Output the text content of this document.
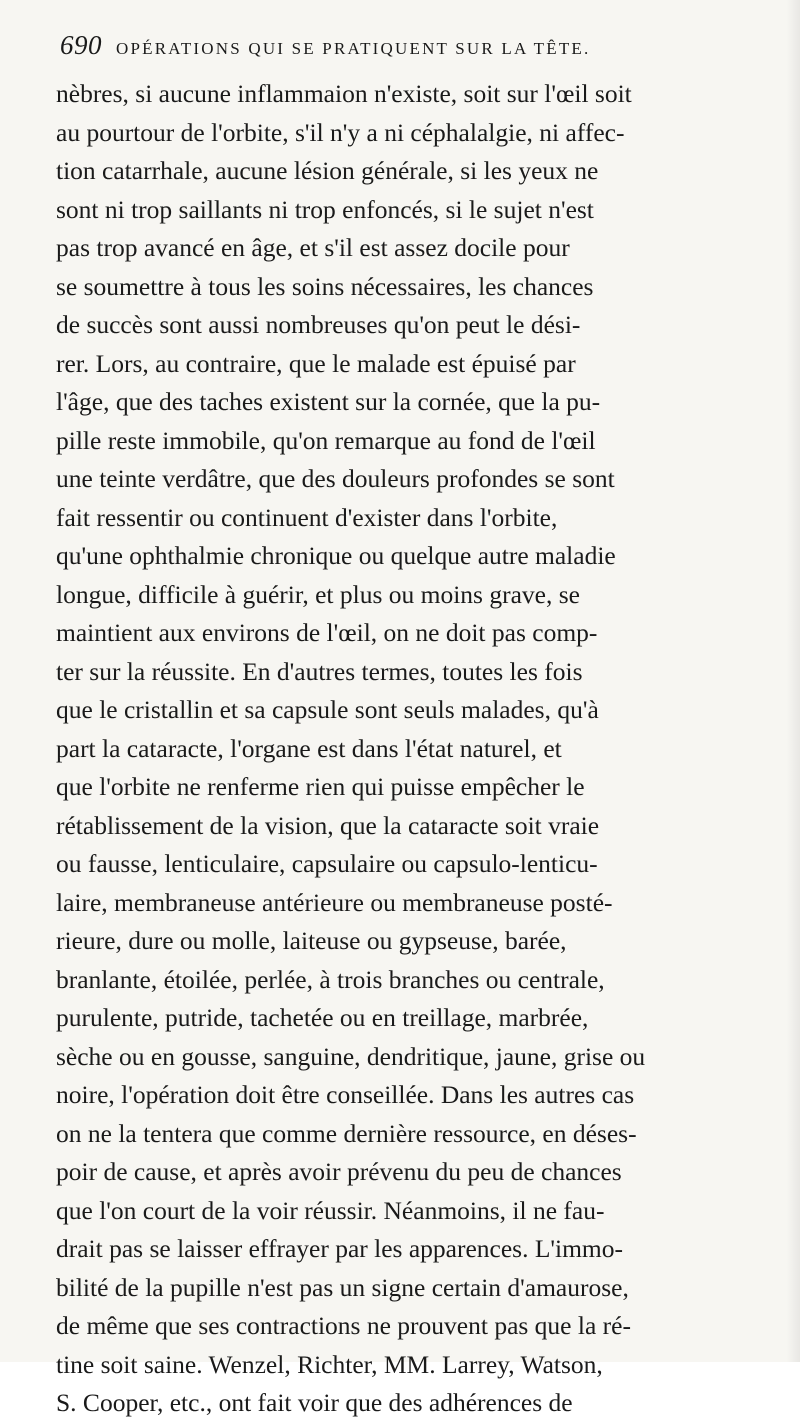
690 OPÉRATIONS QUI SE PRATIQUENT SUR LA TÊTE.
nèbres, si aucune inflammaion n'existe, soit sur l'œil soit
au pourtour de l'orbite, s'il n'y a ni céphalalgie, ni affec-
tion catarrhale, aucune lésion générale, si les yeux ne
sont ni trop saillants ni trop enfoncés, si le sujet n'est
pas trop avancé en âge, et s'il est assez docile pour
se soumettre à tous les soins nécessaires, les chances
de succès sont aussi nombreuses qu'on peut le dési-
rer. Lors, au contraire, que le malade est épuisé par
l'âge, que des taches existent sur la cornée, que la pu-
pille reste immobile, qu'on remarque au fond de l'œil
une teinte verdâtre, que des douleurs profondes se sont
fait ressentir ou continuent d'exister dans l'orbite,
qu'une ophthalmie chronique ou quelque autre maladie
longue, difficile à guérir, et plus ou moins grave, se
maintient aux environs de l'œil, on ne doit pas comp-
ter sur la réussite. En d'autres termes, toutes les fois
que le cristallin et sa capsule sont seuls malades, qu'à
part la cataracte, l'organe est dans l'état naturel, et
que l'orbite ne renferme rien qui puisse empêcher le
rétablissement de la vision, que la cataracte soit vraie
ou fausse, lenticulaire, capsulaire ou capsulo-lenticu-
laire, membraneuse antérieure ou membraneuse posté-
rieure, dure ou molle, laiteuse ou gypseuse, barée,
branlante, étoilée, perlée, à trois branches ou centrale,
purulente, putride, tachetée ou en treillage, marbrée,
sèche ou en gousse, sanguine, dendritique, jaune, grise ou
noire, l'opération doit être conseillée. Dans les autres cas
on ne la tentera que comme dernière ressource, en déses-
poir de cause, et après avoir prévenu du peu de chances
que l'on court de la voir réussir. Néanmoins, il ne fau-
drait pas se laisser effrayer par les apparences. L'immo-
bilité de la pupille n'est pas un signe certain d'amaurose,
de même que ses contractions ne prouvent pas que la ré-
tine soit saine. Wenzel, Richter, MM. Larrey, Watson,
S. Cooper, etc., ont fait voir que des adhérences de
